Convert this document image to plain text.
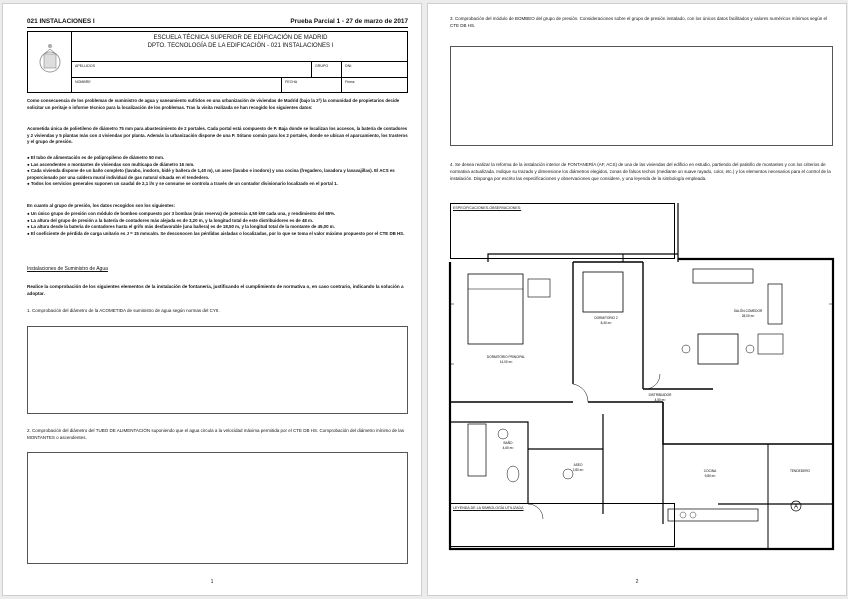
021 INSTALACIONES I	Prueba Parcial 1 - 27 de marzo de 2017
ESCUELA TÉCNICA SUPERIOR DE EDIFICACIÓN DE MADRID
DPTO. TECNOLOGÍA DE LA EDIFICACIÓN - 021 INSTALACIONES I
APELLIDOS	GRUPO	DNI:
NOMBRE	FECHA	Firma:
Como consecuencia de los problemas de suministro de agua y saneamiento sufridos en una urbanización de viviendas de Madrid (bajo la 2ª) la comunidad de propietarios decide solicitar un peritaje o informe técnico para la localización de los problemas. Tras la visita realizada se han recogido los siguientes datos:
Acometida única de polietileno de diámetro 75 mm para abastecimiento de 2 portales. Cada portal está compuesto de P. Baja donde se localizan los accesos, la batería de contadores y 2 viviendas y 5 plantas más con 4 viviendas por planta. Además la urbanización dispone de una P. Sótano común para los 2 portales, donde se ubican el aparcamiento, los trasteros y el grupo de presión.
● El tubo de alimentación es de polipropileno de diámetro 50 mm.
● Las ascendentes o montantes de viviendas son multicapa de diámetro 16 mm.
● Cada vivienda dispone de un baño completo (lavabo, inodoro, bidé y bañera de 1,40 m), un aseo (lavabo e inodoro) y una cocina (fregadero, lavadora y lavavajillas). El ACS es proporcionado por una caldera mural individual de gas natural situada en el tendedero.
● Todos los servicios generales suponen un caudal de 2,1 l/s y se consume se controla a través de un contador divisionario localizado en el portal 1.
En cuanto al grupo de presión, los datos recogidos son los siguientes:
● Un único grupo de presión con módulo de bombeo compuesto por 3 bombas (más reserva) de potencia 4,50 kW cada una, y rendimiento del 65%.
● La altura del grupo de presión a la batería de contadores más alejada es de 3,20 m, y la longitud total de este distribuidores es de 48 m.
● La altura desde la batería de contadores hasta el grifo más desfavorable (una bañera) es de 18,50 m, y la longitud total de la montante de 45,00 m.
● El coeficiente de pérdida de carga unitario es J = 15 mmca/m. Se desconocen las pérdidas aisladas o localizadas, por lo que se toma el valor máximo propuesto por el CTE DB HS.
Instalaciones de Suministro de Agua
Realice la comprobación de los siguientes elementos de la instalación de fontanería, justificando el cumplimiento de normativa o, en caso contrario, indicando la solución a adoptar.
1. Comprobación del diámetro de la ACOMETIDA de suministro de agua según normas del CYII.
2. Comprobación del diámetro del TUBO DE ALIMENTACIÓN suponiendo que el agua circula a la velocidad máxima permitida por el CTE DB HS. Comprobación del diámetro mínimo de las MONTANTES o ascendentes.
1
3. Comprobación del módulo de BOMBEO del grupo de presión. Consideraciones sobre el grupo de presión instalado, con los únicos datos facilitados y valores numéricos mínimos según el CTE DB HS.
4. Se desea realizar la reforma de la instalación interior de FONTANERÍA (AF, ACS) de una de las viviendas del edificio en estudio, partiendo del patinillo de montantes y con los criterios de normativa actualizada. Indique su trazado y dimensione los diámetros elegidos, zonas de falsos techos (mediante un suave rayado, color, etc.) y los elementos necesarios para el control de la instalación. Disponga por escrito las especificaciones y observaciones que considere, y una leyenda de la simbología empleada.
ESPECIFICACIONES-OBSERVACIONES:
LEYENDA DE LA SIMBOLOGÍA UTILIZADA
DORMITORIO PRINCIPAL
14,00 m²
DORMITORIO 2
8,40 m²
SALÓN-COMEDOR
28,00 m²
DISTRIBUIDOR
4,50 m²
BAÑO
4,60 m²
ASEO
2,80 m²	COCINA
9,80 m²
TENDEDERO
A
2
